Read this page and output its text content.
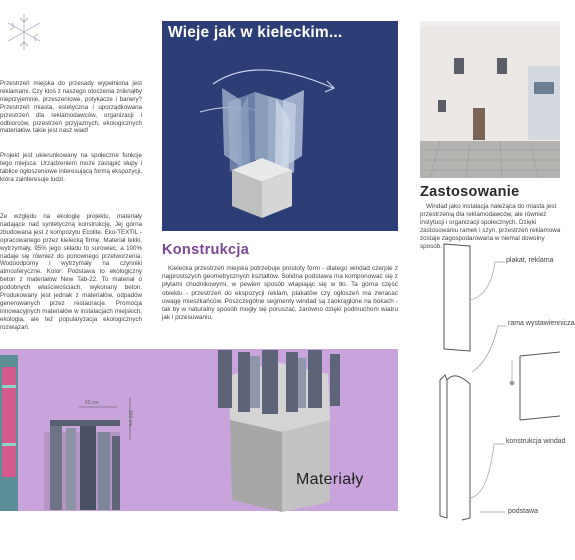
Przestrzeń miejska do przesady wypełniona jest reklamami. Czy ktoś z naszego otoczenia zniknąłby nieprzyjemnie, przeszeniowe, potykacze i banery? Przestrzeń miasta, estetyczna i uporządkowana przestrzeń dla reklamodawców, organizacji i odbiorców, przestrzeń przyjaznych, ekologicznych materiałów, takie jest nasz wiad!

Projekt jest ukierunkowany na społeczne funkcje tego miejsca. Urządzeniem może zastąpić słupy i tablice ogłoszeniowe interesującą formą ekspozycji, która zainteresuje ludzi.

Ze względu na ekologię projektu, materiały nadające nad syntetyczną konstrukcję. Jej górna zbudowana jest z kompozytu Ecolite. Eko-TEXTIL - opracowanego przez kielecką firmę. Materiał lekki, wytrzymały, 95% jego składu to surowiec, a 100% nadaje się również do ponownego przetworzenia. Wodoodporny i wytrzymały na czynniki atmosferyczne. Kolor: Podstawa to ekologiczny beton z materiałów New Tab-22. To materiał o podobnych właściwościach, wykonany beton. Produkowany jest jednak z materiałów, odpadów generowanych przez restauracje. Promocja innowacyjnych materiałów w instalacjach miejskich, ekologia, ale też popularyzacja ekologicznych rozwiązań.

Wieje jak w kieleckim...
50 cm
150 cm
Konstrukcja

Kielecka przestrzeń miejska potrzebuje prostoty form - dlatego windad czerpie z najprostszych geometrycznych kształtów. Solidna podstawa ma komponować się z płytami chodnikowymi, w pewien sposób wtapiając się w tło. Ta górna część obiektu - przestrzeń do ekspozycji reklam, plakatów czy ogłoszeń ma zwracać uwagę mieszkańców. Poszczególne segmenty windad są zaokrąglone na bokach - tak by w naturalny sposób mogły się poruszać, zarówno dzięki podmuchom wiatru jak i przesuwaniu.

Materiały
Zastosowanie

Windad jako instalacja należąca do miasta jest przestrzenią dla reklamodawców, ale również instytucji i organizacji społecznych. Dzięki zastosowaniu ramek i szyn, przestrzeń reklamowa zostaje zagospodarowana w niemal dowolny sposób.

plakat, reklama
rama wystawiennicza
konstrukcja windad
podstawa
